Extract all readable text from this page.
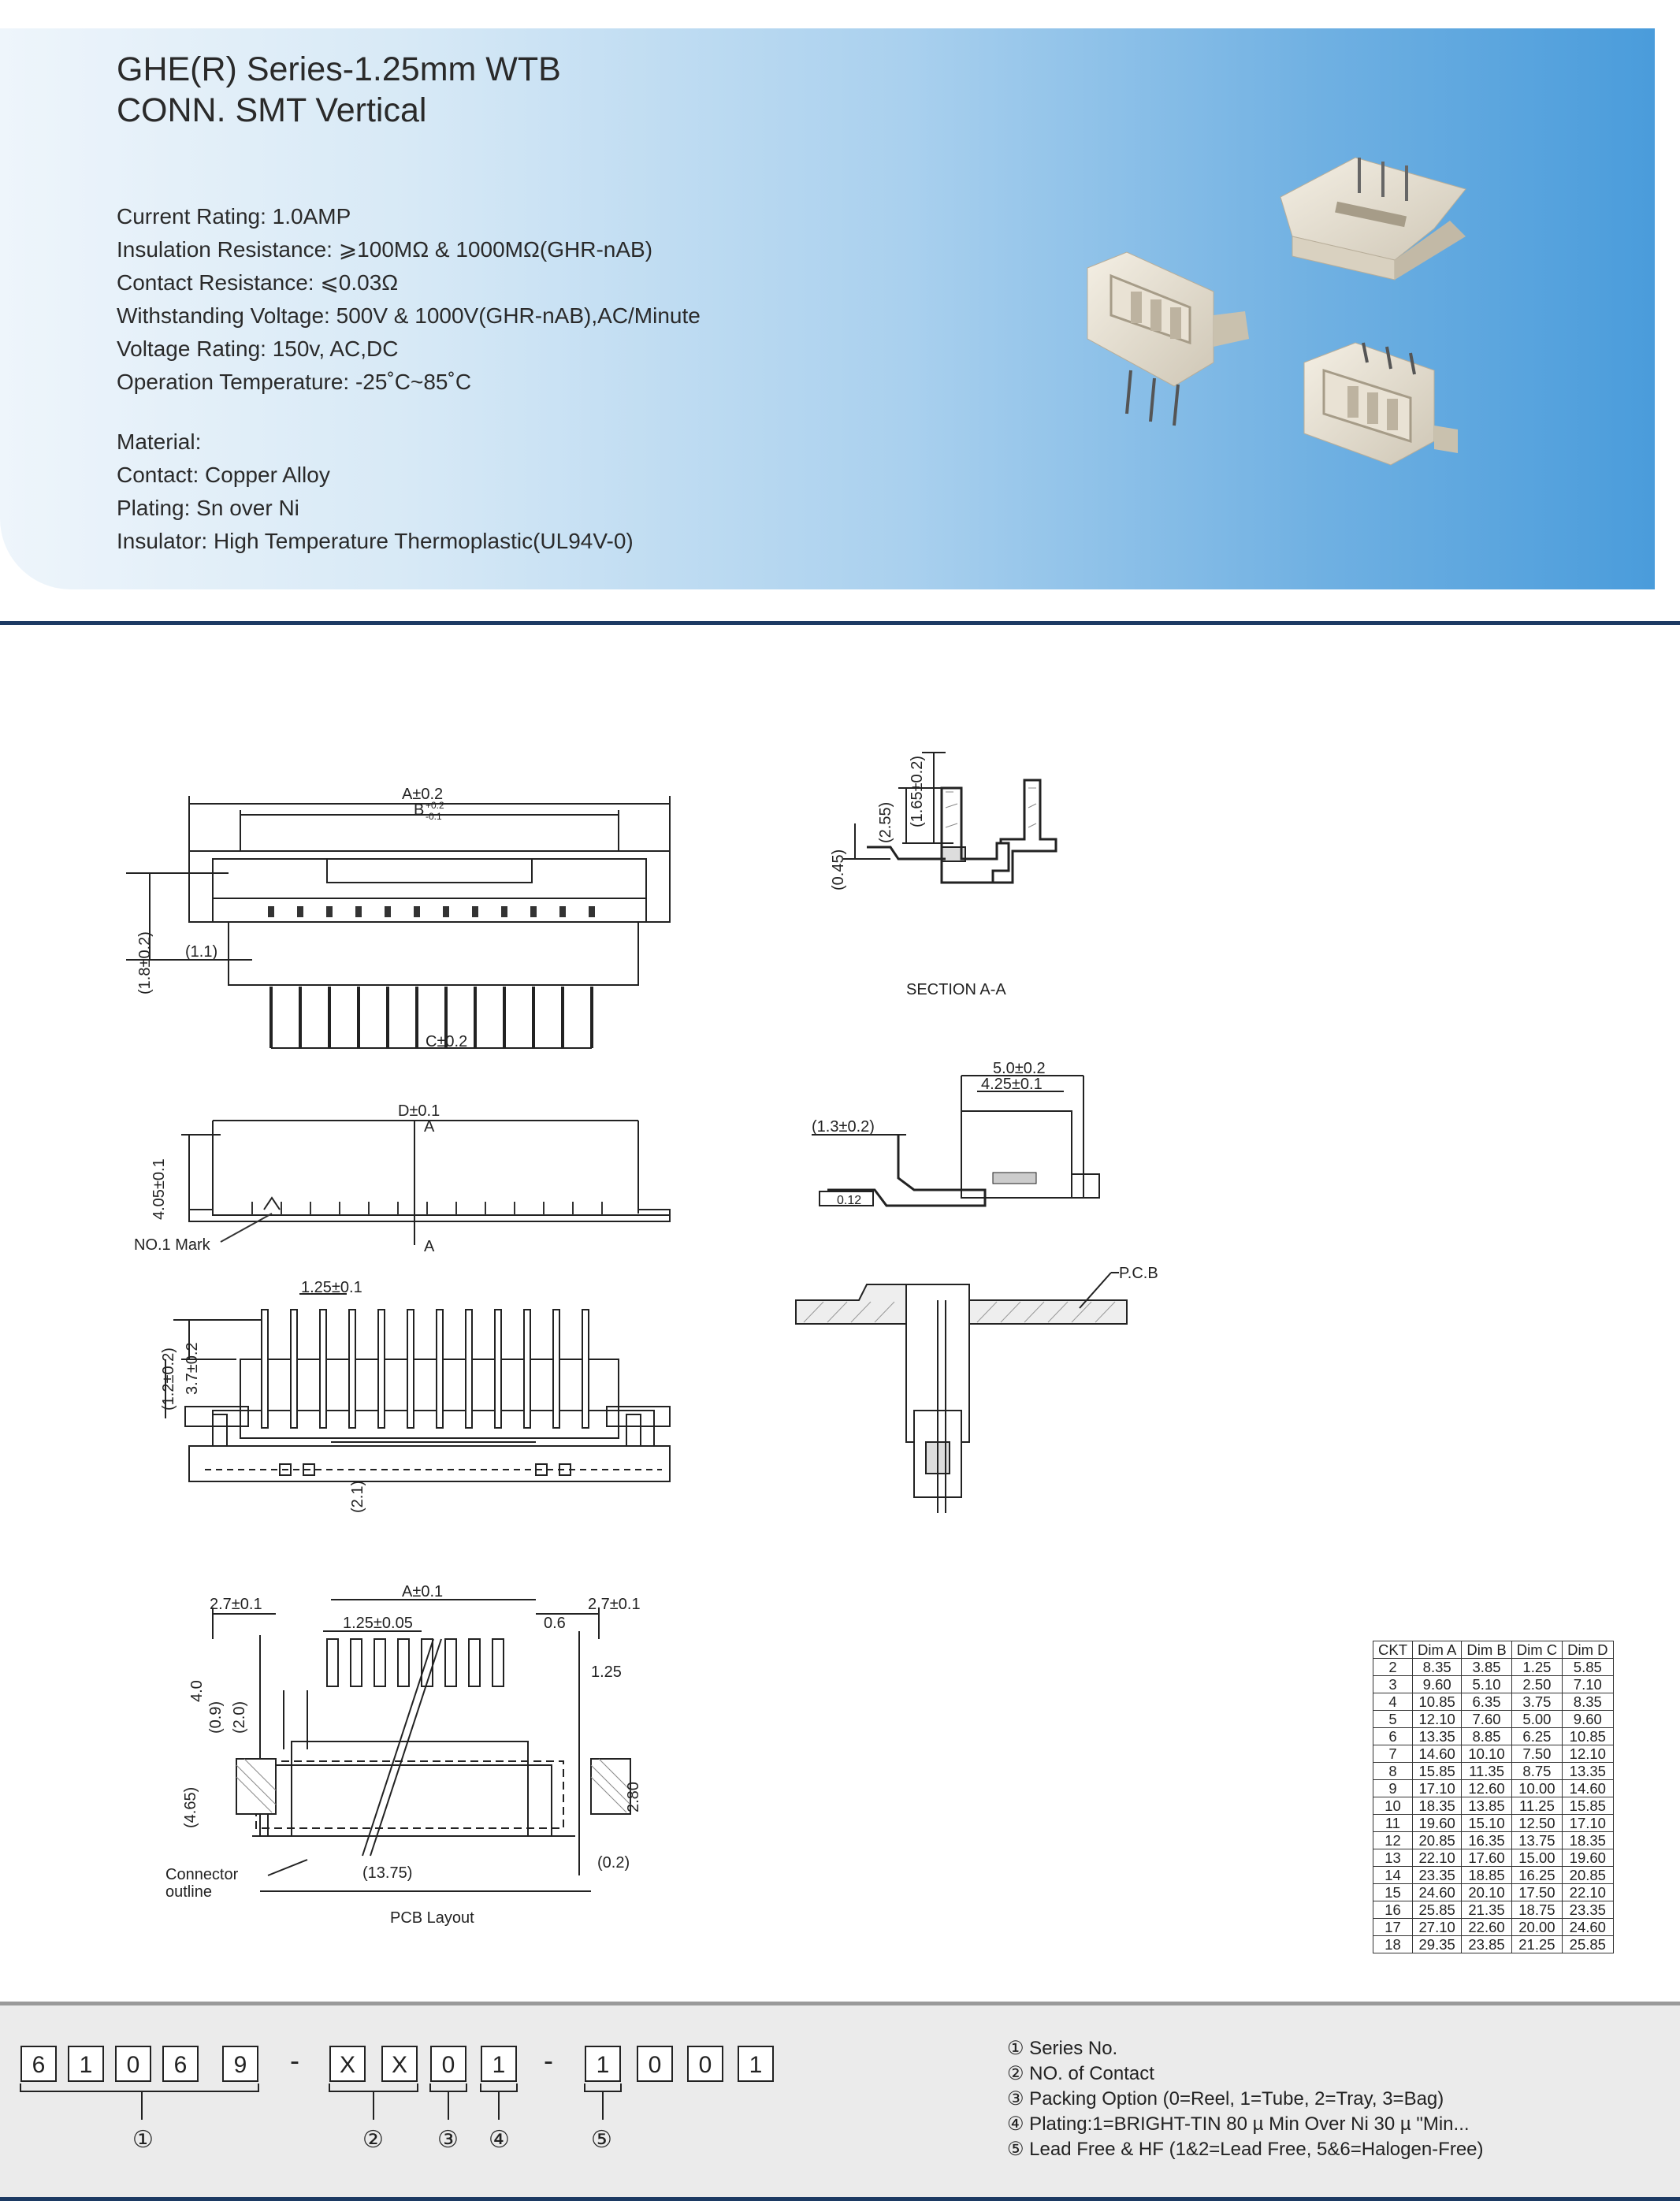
GHE(R) Series-1.25mm WTB
CONN. SMT Vertical
Current Rating: 1.0AMP
Insulation Resistance: ⩾100MΩ & 1000MΩ(GHR-nAB)
Contact Resistance: ⩽0.03Ω
Withstanding Voltage: 500V & 1000V(GHR-nAB),AC/Minute
Voltage Rating: 150v, AC,DC
Operation Temperature: -25˚C~85˚C
Material:
Contact: Copper Alloy
Plating: Sn over Ni
Insulator: High Temperature Thermoplastic(UL94V-0)
A±0.2
B +0.2
-0.1
C±0.2
(1.1)
(1.8±0.2)
D±0.1
A
A
4.05±0.1
NO.1 Mark
1.25±0.1
(1.2±0.2) 3.7±0.2
(2.1)
A±0.1
2.7±0.1	2.7±0.1
1.25±0.05	0.6
1.25
4.0
(0.9) (2.0)
(4.65)	2.80
(13.75)
(0.2)
Connector
outline
PCB Layout
(1.65±0.2)
(2.55)
(0.45)
SECTION A-A
5.0±0.2
4.25±0.1
(1.3±0.2)
0.12
P.C.B
CKT	Dim A	Dim B	Dim C	Dim D
2	8.35	3.85	1.25	5.85
3	9.60	5.10	2.50	7.10
4	10.85	6.35	3.75	8.35
5	12.10	7.60	5.00	9.60
6	13.35	8.85	6.25	10.85
7	14.60	10.10	7.50	12.10
8	15.85	11.35	8.75	13.35
9	17.10	12.60	10.00	14.60
10	18.35	13.85	11.25	15.85
11	19.60	15.10	12.50	17.10
12	20.85	16.35	13.75	18.35
13	22.10	17.60	15.00	19.60
14	23.35	18.85	16.25	20.85
15	24.60	20.10	17.50	22.10
16	25.85	21.35	18.75	23.35
17	27.10	22.60	20.00	24.60
18	29.35	23.85	21.25	25.85
6	1	0	6	9	-	X	X	0	1	-	1	0	0	1
①	② ③ ④	⑤
① Series No.
② NO. of Contact
③ Packing Option (0=Reel, 1=Tube, 2=Tray, 3=Bag)
④ Plating:1=BRIGHT-TIN 80 µ Min Over Ni 30 µ "Min...
⑤ Lead Free & HF (1&2=Lead Free, 5&6=Halogen-Free)
